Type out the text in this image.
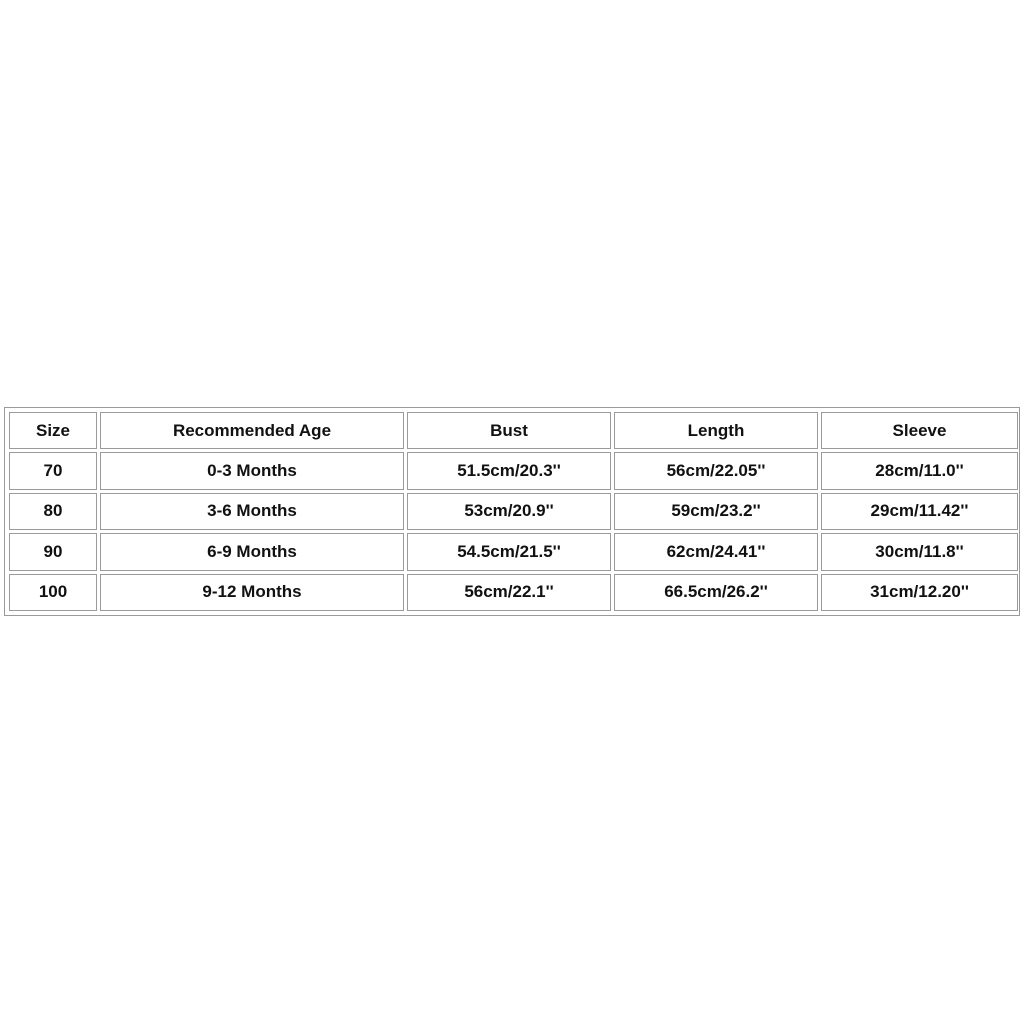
Size	Recommended Age	Bust	Length	Sleeve
70	0-3 Months	51.5cm/20.3''	56cm/22.05''	28cm/11.0''
80	3-6 Months	53cm/20.9''	59cm/23.2''	29cm/11.42''
90	6-9 Months	54.5cm/21.5''	62cm/24.41''	30cm/11.8''
100	9-12 Months	56cm/22.1''	66.5cm/26.2''	31cm/12.20''
